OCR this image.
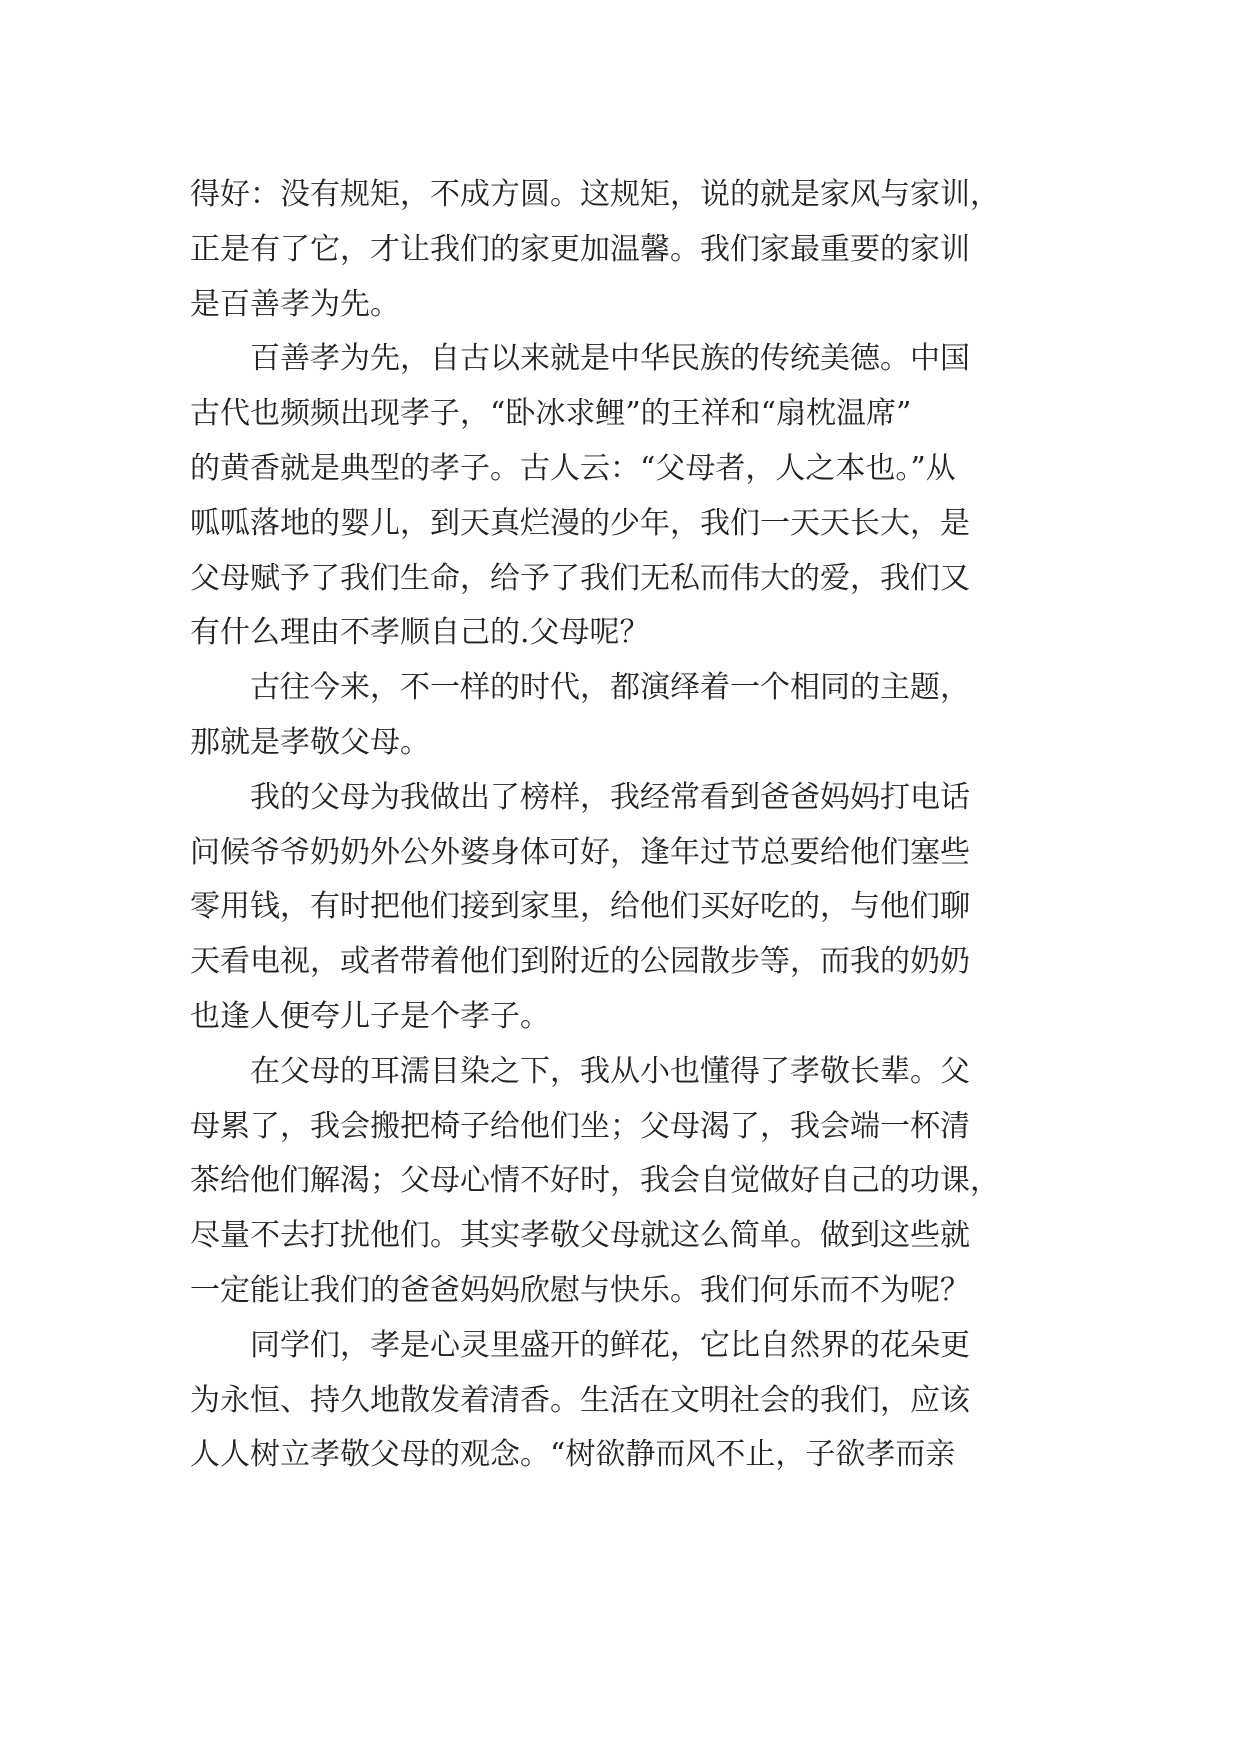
得好：没有规矩，不成方圆。这规矩，说的就是家风与家训，
正是有了它，才让我们的家更加温馨。我们家最重要的家训
是百善孝为先。
百善孝为先，自古以来就是中华民族的传统美德。中国
古代也频频出现孝子，“卧冰求鲤”的王祥和“扇枕温席”
的黄香就是典型的孝子。古人云：“父母者，人之本也。”从
呱呱落地的婴儿，到天真烂漫的少年，我们一天天长大，是
父母赋予了我们生命，给予了我们无私而伟大的爱，我们又
有什么理由不孝顺自己的.父母呢？
古往今来，不一样的时代，都演绎着一个相同的主题，
那就是孝敬父母。
我的父母为我做出了榜样，我经常看到爸爸妈妈打电话
问候爷爷奶奶外公外婆身体可好，逢年过节总要给他们塞些
零用钱，有时把他们接到家里，给他们买好吃的，与他们聊
天看电视，或者带着他们到附近的公园散步等，而我的奶奶
也逢人便夸儿子是个孝子。
在父母的耳濡目染之下，我从小也懂得了孝敬长辈。父
母累了，我会搬把椅子给他们坐；父母渴了，我会端一杯清
茶给他们解渴；父母心情不好时，我会自觉做好自己的功课，
尽量不去打扰他们。其实孝敬父母就这么简单。做到这些就
一定能让我们的爸爸妈妈欣慰与快乐。我们何乐而不为呢？
同学们，孝是心灵里盛开的鲜花，它比自然界的花朵更
为永恒、持久地散发着清香。生活在文明社会的我们，应该
人人树立孝敬父母的观念。“树欲静而风不止，子欲孝而亲
